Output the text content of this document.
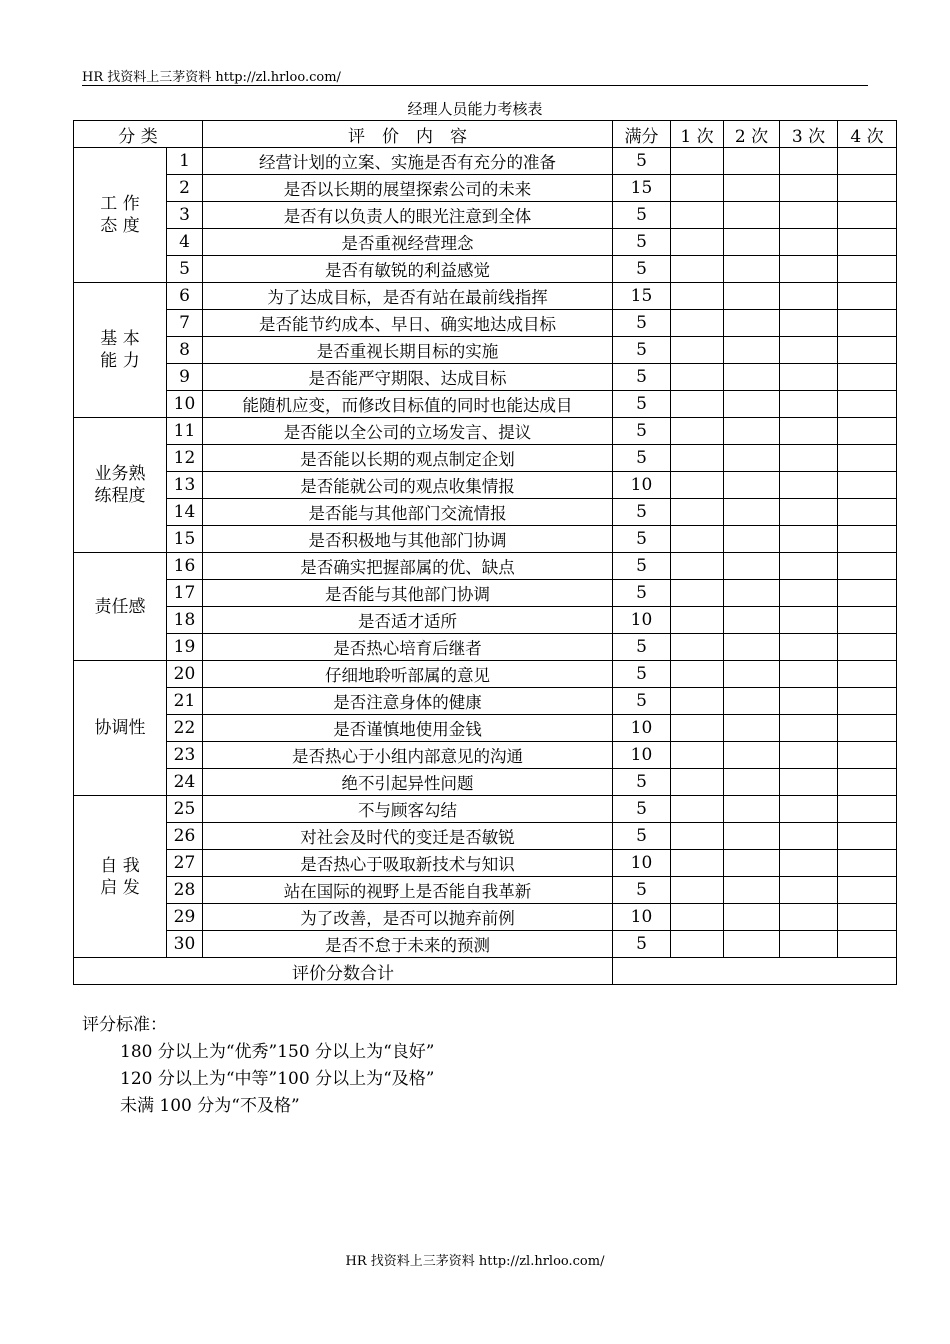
HR 找资料上三茅资料 http://zl.hrloo.com/
经理人员能力考核表
分 类		评　价　内　容	满分	1 次	2 次	3 次	4 次

工 作
态 度	1	经营计划的立案、实施是否有充分的准备	5				
	2	是否以长期的展望探索公司的未来	15				
	3	是否有以负责人的眼光注意到全体	5				
	4	是否重视经营理念	5				
	5	是否有敏锐的利益感觉	5				

基 本
能 力	6	为了达成目标，是否有站在最前线指挥	15				
	7	是否能节约成本、早日、确实地达成目标	5				
	8	是否重视长期目标的实施	5				
	9	是否能严守期限、达成目标	5				
	10	能随机应变，而修改目标值的同时也能达成目	5				

业务熟
练程度	11	是否能以全公司的立场发言、提议	5				
	12	是否能以长期的观点制定企划	5				
	13	是否能就公司的观点收集情报	10				
	14	是否能与其他部门交流情报	5				
	15	是否积极地与其他部门协调	5				

责任感	16	是否确实把握部属的优、缺点	5				
	17	是否能与其他部门协调	5				
	18	是否适才适所	10				
	19	是否热心培育后继者	5				

协调性	20	仔细地聆听部属的意见	5				
	21	是否注意身体的健康	5				
	22	是否谨慎地使用金钱	10				
	23	是否热心于小组内部意见的沟通	10				
	24	绝不引起异性问题	5				

自 我
启 发	25	不与顾客勾结	5				
	26	对社会及时代的变迁是否敏锐	5				
	27	是否热心于吸取新技术与知识	10				
	28	站在国际的视野上是否能自我革新	5				
	29	为了改善，是否可以抛弃前例	10				
	30	是否不怠于未来的预测	5				
评价分数合计							
评分标准：
180 分以上为“优秀”150 分以上为“良好”
120 分以上为“中等”100 分以上为“及格”
未满 100 分为“不及格”
HR 找资料上三茅资料 http://zl.hrloo.com/
